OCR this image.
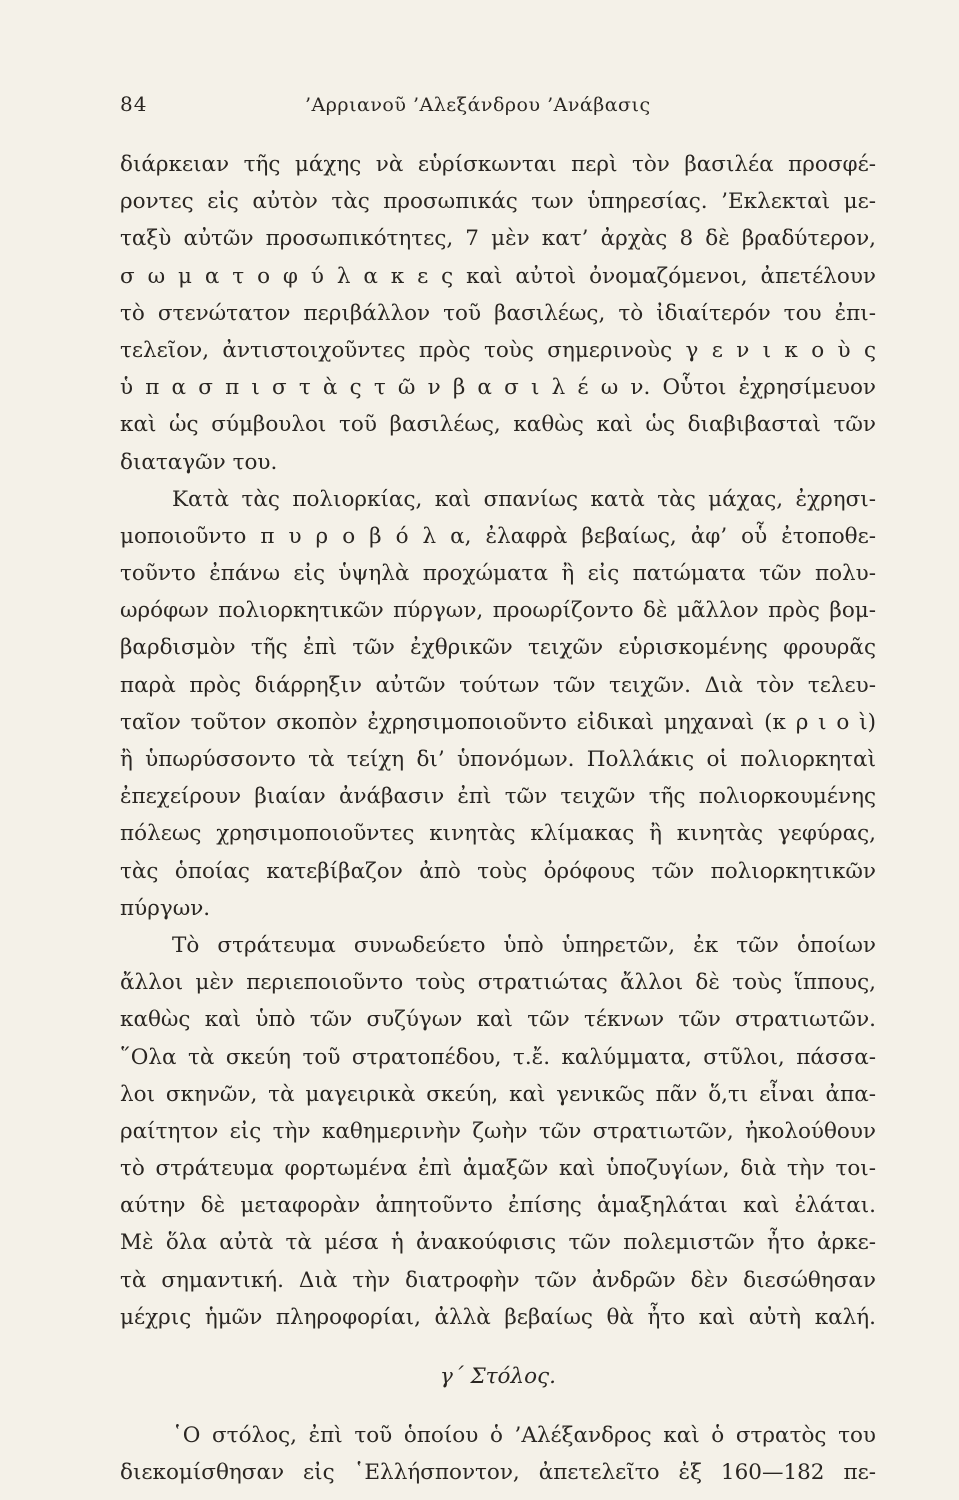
84	’Αρριανοῦ ’Αλεξάνδρου ’Ανάβασις
διάρκειαν τῆς μάχης νὰ εὑρίσκωνται περὶ τὸν βασιλέα προσφέ-
ροντες εἰς αὐτὸν τὰς προσωπικάς των ὑπηρεσίας. ’Εκλεκταὶ με-
ταξὺ αὐτῶν προσωπικότητες, 7 μὲν κατ’ ἀρχὰς 8 δὲ βραδύτερον,
σ ω μ α τ ο φ ύ λ α κ ε ς καὶ αὐτοὶ ὀνομαζόμενοι, ἀπετέλουν
τὸ στενώτατον περιβάλλον τοῦ βασιλέως, τὸ ἰδιαίτερόν του ἐπι-
τελεῖον, ἀντιστοιχοῦντες πρὸς τοὺς σημερινοὺς γ ε ν ι κ ο ὺ ς
ὑ π α σ π ι σ τ ὰ ς τ ῶ ν β α σ ι λ έ ω ν. Οὗτοι ἐχρησίμευον
καὶ ὡς σύμβουλοι τοῦ βασιλέως, καθὼς καὶ ὡς διαβιβασταὶ τῶν
διαταγῶν του.
Κατὰ τὰς πολιορκίας, καὶ σπανίως κατὰ τὰς μάχας, ἐχρησι-
μοποιοῦντο π υ ρ ο β ό λ α, ἐλαφρὰ βεβαίως, ἀφ’ οὗ ἐτοποθε-
τοῦντο ἐπάνω εἰς ὑψηλὰ προχώματα ἢ εἰς πατώματα τῶν πολυ-
ωρόφων πολιορκητικῶν πύργων, προωρίζοντο δὲ μᾶλλον πρὸς βομ-
βαρδισμὸν τῆς ἐπὶ τῶν ἐχθρικῶν τειχῶν εὑρισκομένης φρουρᾶς
παρὰ πρὸς διάρρηξιν αὐτῶν τούτων τῶν τειχῶν. Διὰ τὸν τελευ-
ταῖον τοῦτον σκοπὸν ἐχρησιμοποιοῦντο εἰδικαὶ μηχαναὶ (κ ρ ι ο ὶ)
ἢ ὑπωρύσσοντο τὰ τείχη δι’ ὑπονόμων. Πολλάκις οἱ πολιορκηταὶ
ἐπεχείρουν βιαίαν ἀνάβασιν ἐπὶ τῶν τειχῶν τῆς πολιορκουμένης
πόλεως χρησιμοποιοῦντες κινητὰς κλίμακας ἢ κινητὰς γεφύρας,
τὰς ὁποίας κατεβίβαζον ἀπὸ τοὺς ὀρόφους τῶν πολιορκητικῶν
πύργων.
Τὸ στράτευμα συνωδεύετο ὑπὸ ὑπηρετῶν, ἐκ τῶν ὁποίων
ἄλλοι μὲν περιεποιοῦντο τοὺς στρατιώτας ἄλλοι δὲ τοὺς ἵππους,
καθὼς καὶ ὑπὸ τῶν συζύγων καὶ τῶν τέκνων τῶν στρατιωτῶν.
῞Ολα τὰ σκεύη τοῦ στρατοπέδου, τ.ἔ. καλύμματα, στῦλοι, πάσσα-
λοι σκηνῶν, τὰ μαγειρικὰ σκεύη, καὶ γενικῶς πᾶν ὅ,τι εἶναι ἀπα-
ραίτητον εἰς τὴν καθημερινὴν ζωὴν τῶν στρατιωτῶν, ἠκολούθουν
τὸ στράτευμα φορτωμένα ἐπὶ ἀμαξῶν καὶ ὑποζυγίων, διὰ τὴν τοι-
αύτην δὲ μεταφορὰν ἀπητοῦντο ἐπίσης ἁμαξηλάται καὶ ἐλάται.
Μὲ ὅλα αὐτὰ τὰ μέσα ἡ ἀνακούφισις τῶν πολεμιστῶν ἦτο ἀρκε-
τὰ σημαντική. Διὰ τὴν διατροφὴν τῶν ἀνδρῶν δὲν διεσώθησαν
μέχρις ἡμῶν πληροφορίαι, ἀλλὰ βεβαίως θὰ ἦτο καὶ αὐτὴ καλή.
γ΄ Στόλος.
῾Ο στόλος, ἐπὶ τοῦ ὁποίου ὁ ’Αλέξανδρος καὶ ὁ στρατὸς του
διεκομίσθησαν εἰς ῾Ελλήσποντον, ἀπετελεῖτο ἐξ 160—182 πε-
